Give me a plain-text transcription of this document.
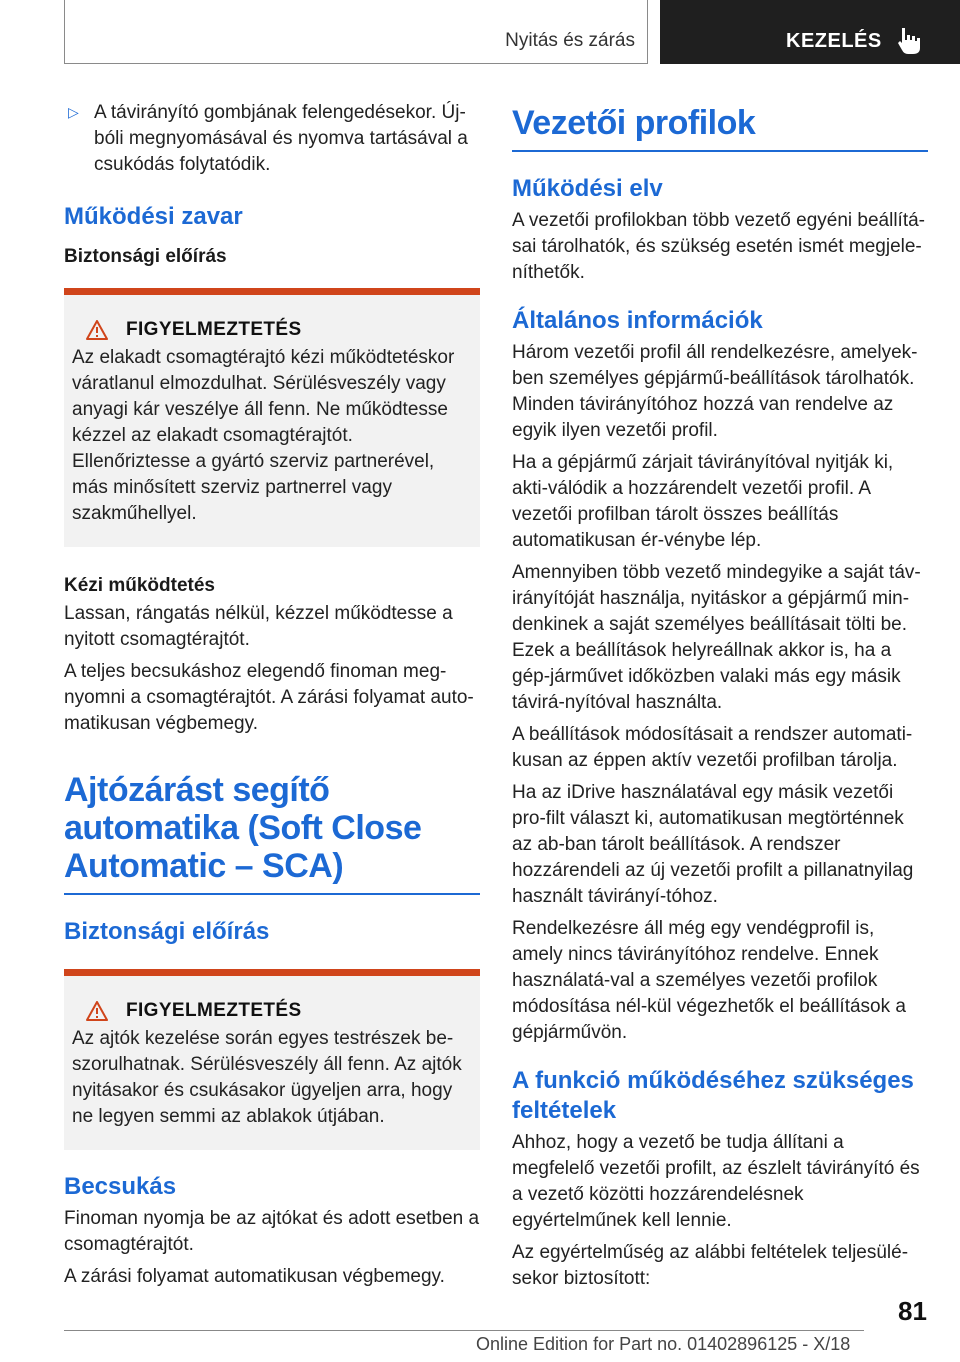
Nyitás és zárás	KEZELÉS
▷ A távirányító gombjának felengedésekor. Új-bóli megnyomásával és nyomva tartásával a csukódás folytatódik.

Működési zavar
Biztonsági előírás
FIGYELMEZTETÉS

Az elakadt csomagtérajtó kézi működtetéskor váratlanul elmozdulhat. Sérülésveszély vagy anyagi kár veszélye áll fenn. Ne működtesse kézzel az elakadt csomagtérajtót. Ellenőriztesse a gyártó szerviz partnerével, más minősített szerviz partnerrel vagy szakműhellyel.

Kézi működtetés

Lassan, rángatás nélkül, kézzel működtesse a nyitott csomagtérajtót.

A teljes becsukáshoz elegendő finoman meg-nyomni a csomagtérajtót. A zárási folyamat auto-matikusan végbemegy.

Ajtózárást segítő automatika (Soft Close Automatic – SCA)
Biztonsági előírás
FIGYELMEZTETÉS

Az ajtók kezelése során egyes testrészek be-szorulhatnak. Sérülésveszély áll fenn. Az ajtók nyitásakor és csukásakor ügyeljen arra, hogy ne legyen semmi az ablakok útjában.

Becsukás

Finoman nyomja be az ajtókat és adott esetben a csomagtérajtót.

A zárási folyamat automatikusan végbemegy.

Vezetői profilok
Működési elv

A vezetői profilokban több vezető egyéni beállítá-sai tárolhatók, és szükség esetén ismét megjele-níthetők.

Általános információk

Három vezetői profil áll rendelkezésre, amelyek-ben személyes gépjármű-beállítások tárolhatók. Minden távirányítóhoz hozzá van rendelve az egyik ilyen vezetői profil.

Ha a gépjármű zárjait távirányítóval nyitják ki, akti-válódik a hozzárendelt vezetői profil. A vezetői profilban tárolt összes beállítás automatikusan ér-vénybe lép.

Amennyiben több vezető mindegyike a saját táv-irányítóját használja, nyitáskor a gépjármű min-denkinek a saját személyes beállításait tölti be. Ezek a beállítások helyreállnak akkor is, ha a gép-járművet időközben valaki más egy másik távirá-nyítóval használta.

A beállítások módosításait a rendszer automati-kusan az éppen aktív vezetői profilban tárolja.

Ha az iDrive használatával egy másik vezetői pro-filt választ ki, automatikusan megtörténnek az ab-ban tárolt beállítások. A rendszer hozzárendeli az új vezetői profilt a pillanatnyilag használt távirányí-tóhoz.

Rendelkezésre áll még egy vendégprofil is, amely nincs távirányítóhoz rendelve. Ennek használatá-val a személyes vezetői profilok módosítása nél-kül végezhetők el beállítások a gépjárművön.

A funkció működéséhez szükséges feltételek

Ahhoz, hogy a vezető be tudja állítani a megfelelő vezetői profilt, az észlelt távirányító és a vezető közötti hozzárendelésnek egyértelműnek kell lennie.

Az egyértelműség az alábbi feltételek teljesülé-sekor biztosított:

81
Online Edition for Part no. 01402896125 - X/18
